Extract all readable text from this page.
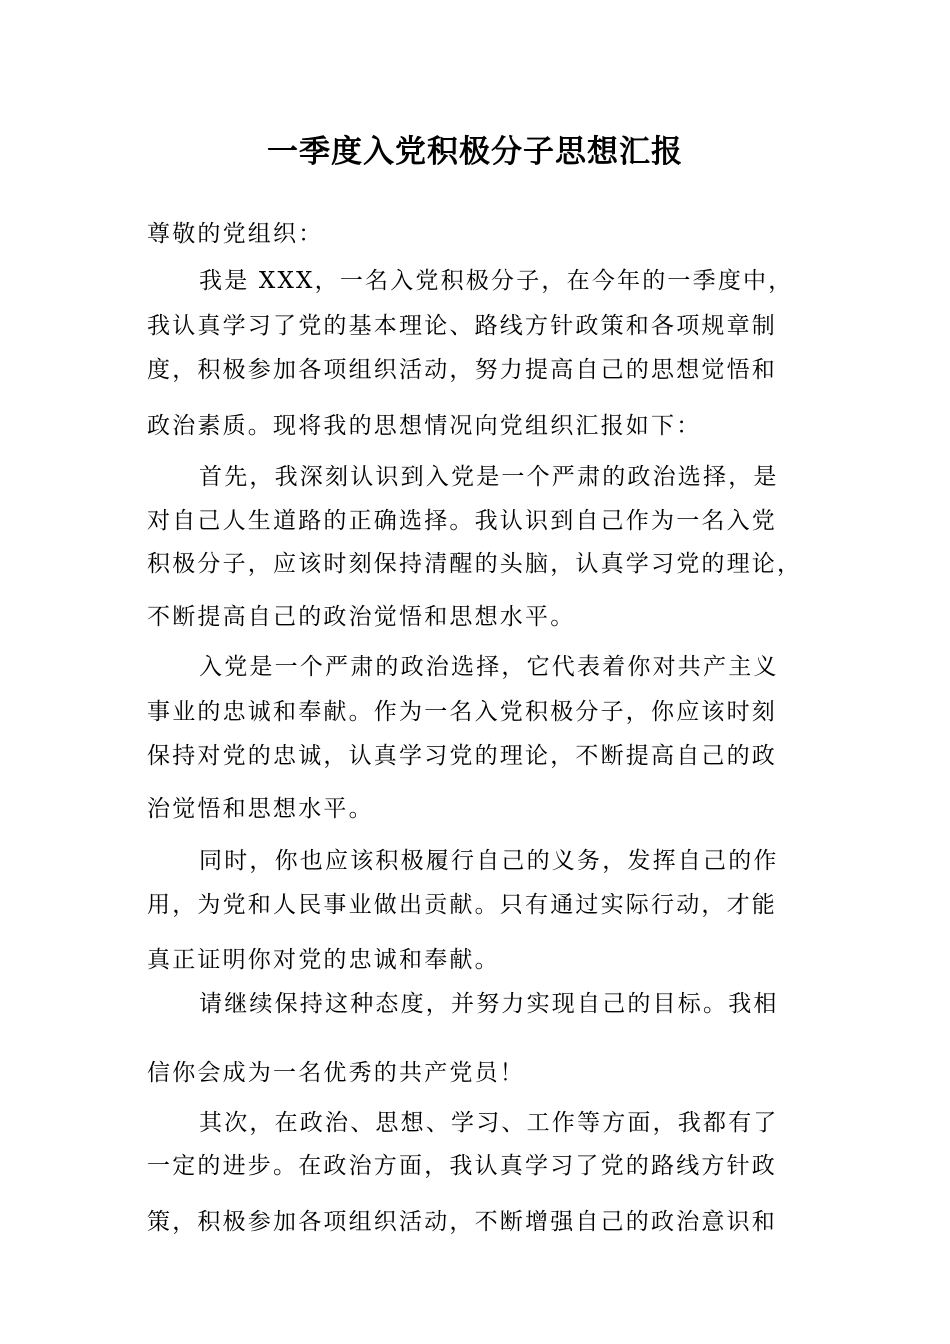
一季度入党积极分子思想汇报
尊敬的党组织：
我是 XXX，一名入党积极分子，在今年的一季度中，
我认真学习了党的基本理论、路线方针政策和各项规章制
度，积极参加各项组织活动，努力提高自己的思想觉悟和
政治素质。现将我的思想情况向党组织汇报如下：
首先，我深刻认识到入党是一个严肃的政治选择，是
对自己人生道路的正确选择。我认识到自己作为一名入党
积极分子，应该时刻保持清醒的头脑，认真学习党的理论，
不断提高自己的政治觉悟和思想水平。
入党是一个严肃的政治选择，它代表着你对共产主义
事业的忠诚和奉献。作为一名入党积极分子，你应该时刻
保持对党的忠诚，认真学习党的理论，不断提高自己的政
治觉悟和思想水平。
同时，你也应该积极履行自己的义务，发挥自己的作
用，为党和人民事业做出贡献。只有通过实际行动，才能
真正证明你对党的忠诚和奉献。
请继续保持这种态度，并努力实现自己的目标。我相
信你会成为一名优秀的共产党员！
其次，在政治、思想、学习、工作等方面，我都有了
一定的进步。在政治方面，我认真学习了党的路线方针政
策，积极参加各项组织活动，不断增强自己的政治意识和
